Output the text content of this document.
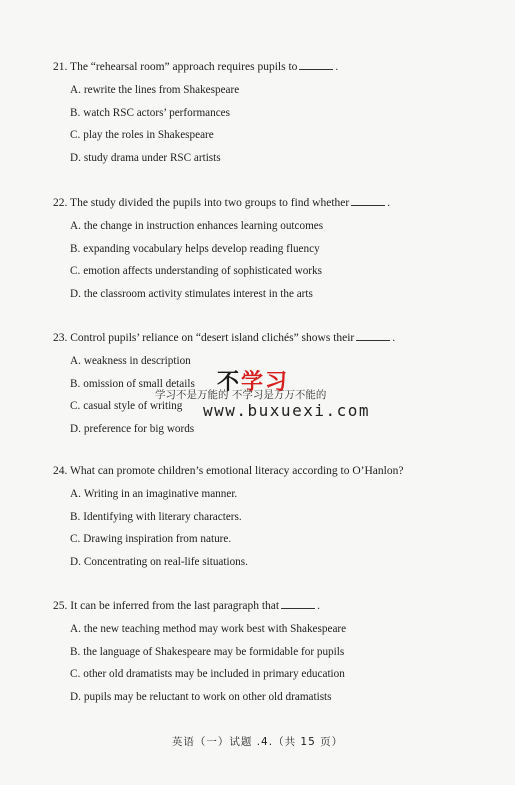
21. The “rehearsal room” approach requires pupils to	.

A. rewrite the lines from Shakespeare

B. watch RSC actors’ performances

C. play the roles in Shakespeare

D. study drama under RSC artists

22. The study divided the pupils into two groups to find whether	.

A. the change in instruction enhances learning outcomes

B. expanding vocabulary helps develop reading fluency

C. emotion affects understanding of sophisticated works

D. the classroom activity stimulates interest in the arts

23. Control pupils’ reliance on “desert island clichés” shows their	.

A. weakness in description

B. omission of small details

C. casual style of writing

D. preference for big words

24. What can promote children’s emotional literacy according to O’Hanlon?

A. Writing in an imaginative manner.

B. Identifying with literary characters.

C. Drawing inspiration from nature.

D. Concentrating on real-life situations.

25. It can be inferred from the last paragraph that	.

A. the new teaching method may work best with Shakespeare

B. the language of Shakespeare may be formidable for pupils

C. other old dramatists may be included in primary education

D. pupils may be reluctant to work on other old dramatists

不学习
学习不是万能的 不学习是万万不能的
www.buxuexi.com
英语（一）试题 .4.（共 15 页）
